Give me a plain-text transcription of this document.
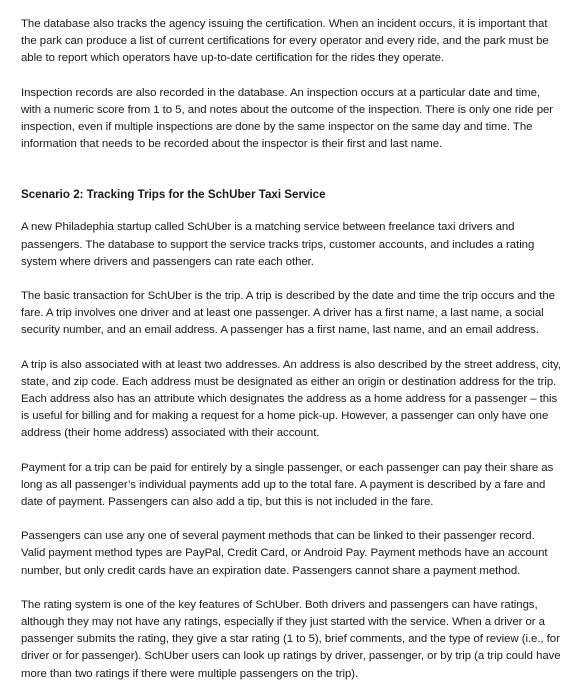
The database also tracks the agency issuing the certification. When an incident occurs, it is important that the park can produce a list of current certifications for every operator and every ride, and the park must be able to report which operators have up-to-date certification for the rides they operate.

Inspection records are also recorded in the database. An inspection occurs at a particular date and time, with a numeric score from 1 to 5, and notes about the outcome of the inspection. There is only one ride per inspection, even if multiple inspections are done by the same inspector on the same day and time. The information that needs to be recorded about the inspector is their first and last name.

Scenario 2: Tracking Trips for the SchUber Taxi Service

A new Philadephia startup called SchUber is a matching service between freelance taxi drivers and passengers. The database to support the service tracks trips, customer accounts, and includes a rating system where drivers and passengers can rate each other.

The basic transaction for SchUber is the trip. A trip is described by the date and time the trip occurs and the fare. A trip involves one driver and at least one passenger. A driver has a first name, a last name, a social security number, and an email address. A passenger has a first name, last name, and an email address.

A trip is also associated with at least two addresses. An address is also described by the street address, city, state, and zip code. Each address must be designated as either an origin or destination address for the trip. Each address also has an attribute which designates the address as a home address for a passenger – this is useful for billing and for making a request for a home pick-up. However, a passenger can only have one address (their home address) associated with their account.

Payment for a trip can be paid for entirely by a single passenger, or each passenger can pay their share as long as all passenger’s individual payments add up to the total fare. A payment is described by a fare and date of payment. Passengers can also add a tip, but this is not included in the fare.

Passengers can use any one of several payment methods that can be linked to their passenger record. Valid payment method types are PayPal, Credit Card, or Android Pay. Payment methods have an account number, but only credit cards have an expiration date. Passengers cannot share a payment method.

The rating system is one of the key features of SchUber. Both drivers and passengers can have ratings, although they may not have any ratings, especially if they just started with the service. When a driver or a passenger submits the rating, they give a star rating (1 to 5), brief comments, and the type of review (i.e., for driver or for passenger). SchUber users can look up ratings by driver, passenger, or by trip (a trip could have more than two ratings if there were multiple passengers on the trip).
